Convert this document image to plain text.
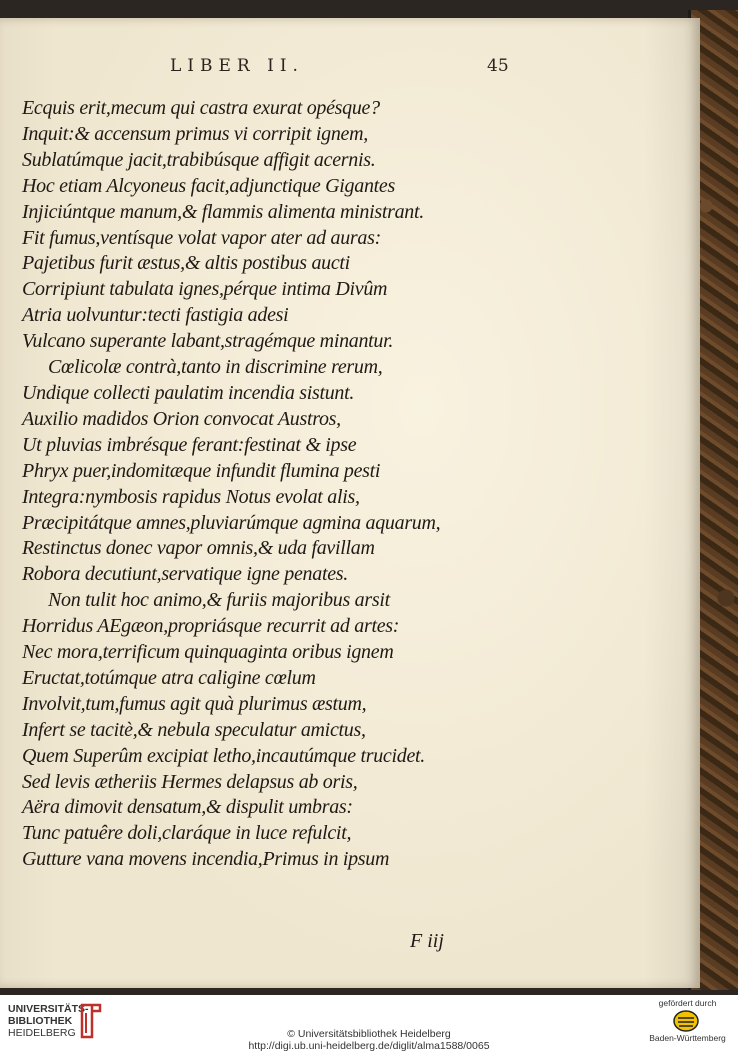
LIBER II.	45
Ecquis erit,mecum qui castra exurat opésque?
Inquit:& accensum primus vi corripit ignem,
Sublatúmque jacit,trabibúsque affigit acernis.
Hoc etiam Alcyoneus facit,adjunctique Gigantes
Injiciúntque manum,& flammis alimenta ministrant.
Fit fumus,ventísque volat vapor ater ad auras:
Pajetibus furit æstus,& altis postibus aucti
Corripiunt tabulata ignes,pérque intima Divûm
Atria uolvuntur:tecti fastigia adesi
Vulcano superante labant,stragémque minantur.
Cœlicolæ contrà,tanto in discrimine rerum,
Undique collecti paulatim incendia sistunt.
Auxilio madidos Orion convocat Austros,
Ut pluvias imbrésque ferant:festinat & ipse
Phryx puer,indomitæque infundit flumina pesti
Integra:nymbosis rapidus Notus evolat alis,
Præcipitátque amnes,pluviarúmque agmina aquarum,
Restinctus donec vapor omnis,& uda favillam
Robora decutiunt,servatique igne penates.
Non tulit hoc animo,& furiis majoribus arsit
Horridus AEgæon,propriásque recurrit ad artes:
Nec mora,terrificum quinquaginta oribus ignem
Eructat,totúmque atra caligine cœlum
Involvit,tum,fumus agit quà plurimus æstum,
Infert se tacitè,& nebula speculatur amictus,
Quem Superûm excipiat letho,incautúmque trucidet.
Sed levis ætheriis Hermes delapsus ab oris,
Aëra dimovit densatum,& dispulit umbras:
Tunc patuêre doli,claráque in luce refulcit,
Gutture vana movens incendia,Primus in ipsum
F iij
UNIVERSITÄTS-
BIBLIOTHEK
HEIDELBERG	© Universitätsbibliothek Heidelberg
http://digi.ub.uni-heidelberg.de/diglit/alma1588/0065
gefördert durch
Baden-Württemberg
